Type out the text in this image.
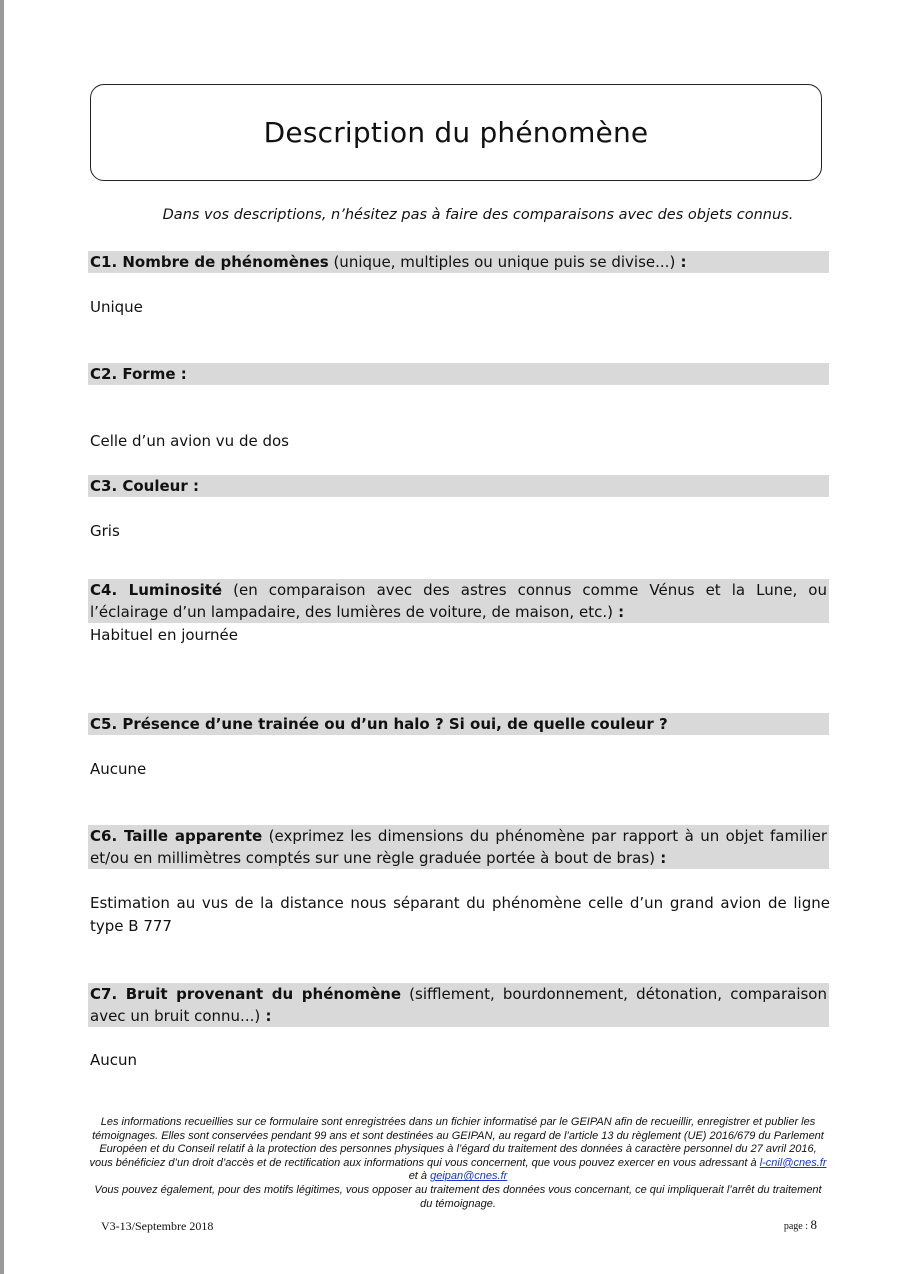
Description du phénomène
Dans vos descriptions, n’hésitez pas à faire des comparaisons avec des objets connus.
C1. Nombre de phénomènes (unique, multiples ou unique puis se divise...) :
Unique
C2. Forme :
Celle d’un avion vu de dos
C3. Couleur :
Gris
C4. Luminosité (en comparaison avec des astres connus comme Vénus et la Lune, ou l’éclairage d’un lampadaire, des lumières de voiture, de maison, etc.) :
Habituel en journée
C5. Présence d’une trainée ou d’un halo ? Si oui, de quelle couleur ?
Aucune
C6. Taille apparente (exprimez les dimensions du phénomène par rapport à un objet familier et/ou en millimètres comptés sur une règle graduée portée à bout de bras) :
Estimation au vus de la distance nous séparant du phénomène celle d’un grand avion de ligne type B 777
C7. Bruit provenant du phénomène (sifflement, bourdonnement, détonation, comparaison avec un bruit connu...) :
Aucun
Les informations recueillies sur ce formulaire sont enregistrées dans un fichier informatisé par le GEIPAN afin de recueillir, enregistrer et publier les témoignages. Elles sont conservées pendant 99 ans et sont destinées au GEIPAN, au regard de l’article 13 du règlement (UE) 2016/679 du Parlement Européen et du Conseil relatif à la protection des personnes physiques à l’égard du traitement des données à caractère personnel du 27 avril 2016, vous bénéficiez d’un droit d’accès et de rectification aux informations qui vous concernent, que vous pouvez exercer en vous adressant à l-cnil@cnes.fr et à geipan@cnes.fr
Vous pouvez également, pour des motifs légitimes, vous opposer au traitement des données vous concernant, ce qui impliquerait l’arrêt du traitement du témoignage.
V3-13/Septembre 2018	page : 8
